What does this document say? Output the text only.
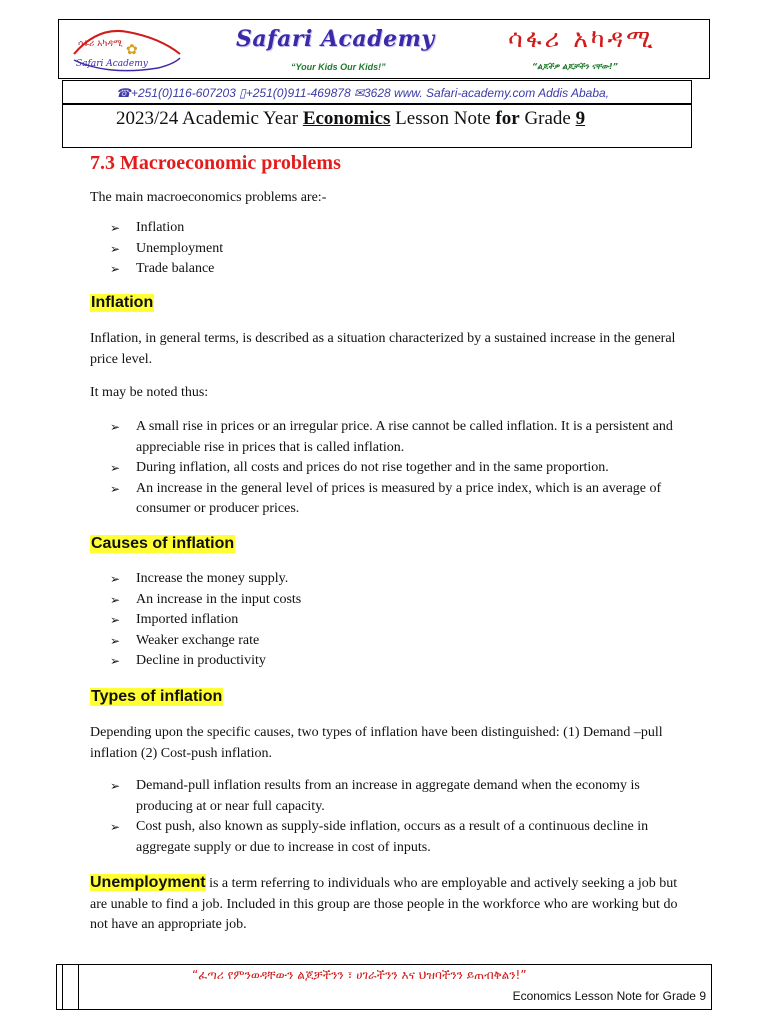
ሳፋሪ አካዳሚ ✿
Safari Academy
Safari Academy
“Your Kids Our Kids!”
ሳፋሪ አካዳሚ
“ልጆችዎ ልጆቻችን ናቸው!”
☎+251(0)116-607203 ▯+251(0)911-469878 ✉3628 www. Safari-academy.com Addis Ababa,
2023/24 Academic Year Economics Lesson Note for Grade 9
7.3 Macroeconomic problems
The main macroeconomics problems are:-
➢ Inflation
➢ Unemployment
➢ Trade balance
Inflation
Inflation, in general terms, is described as a situation characterized by a sustained increase in the general price level.
It may be noted thus:
➢ A small rise in prices or an irregular price. A rise cannot be called inflation. It is a persistent and appreciable rise in prices that is called inflation.
➢ During inflation, all costs and prices do not rise together and in the same proportion.
➢ An increase in the general level of prices is measured by a price index, which is an average of consumer or producer prices.
Causes of inflation
➢ Increase the money supply.
➢ An increase in the input costs
➢ Imported inflation
➢ Weaker exchange rate
➢ Decline in productivity
Types of inflation
Depending upon the specific causes, two types of inflation have been distinguished: (1) Demand –pull inflation (2) Cost-push inflation.
➢ Demand-pull inflation results from an increase in aggregate demand when the economy is producing at or near full capacity.
➢ Cost push, also known as supply-side inflation, occurs as a result of a continuous decline in aggregate supply or due to increase in cost of inputs.
Unemployment is a term referring to individuals who are employable and actively seeking a job but are unable to find a job. Included in this group are those people in the workforce who are working but do not have an appropriate job.
“ፈጣሪ የምንወዳቸውን ልጆቻችንን ፣ ሀገራችንን እና ህዝባችንን ይጠብቅልን!”
Economics Lesson Note for Grade 9
